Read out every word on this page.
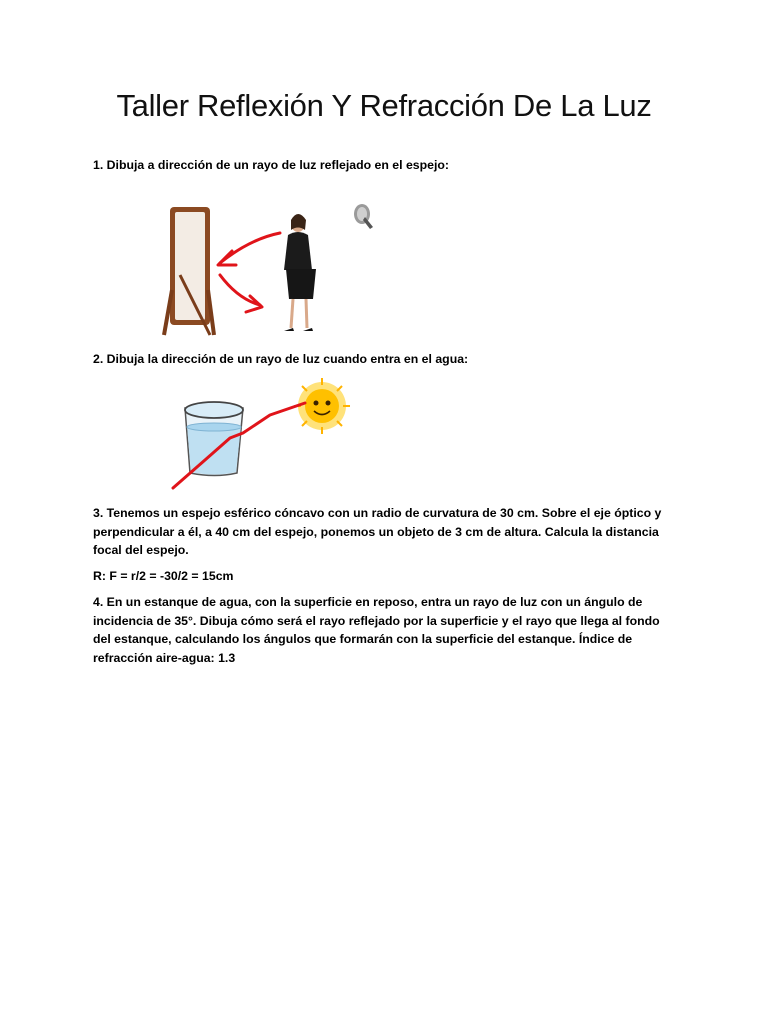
Taller Reflexión Y Refracción De La Luz
1. Dibuja a dirección de un rayo de luz reflejado en el espejo:
2. Dibuja la dirección de un rayo de luz cuando entra en el agua:
3. Tenemos un espejo esférico cóncavo con un radio de curvatura de 30 cm. Sobre el eje óptico y perpendicular a él, a 40 cm del espejo, ponemos un objeto de 3 cm de altura. Calcula la distancia focal del espejo.
R: F = r/2 = -30/2 = 15cm
4. En un estanque de agua, con la superficie en reposo, entra un rayo de luz con un ángulo de incidencia de 35°. Dibuja cómo será el rayo reflejado por la superficie y el rayo que llega al fondo del estanque, calculando los ángulos que formarán con la superficie del estanque. Índice de refracción aire-agua: 1.3
